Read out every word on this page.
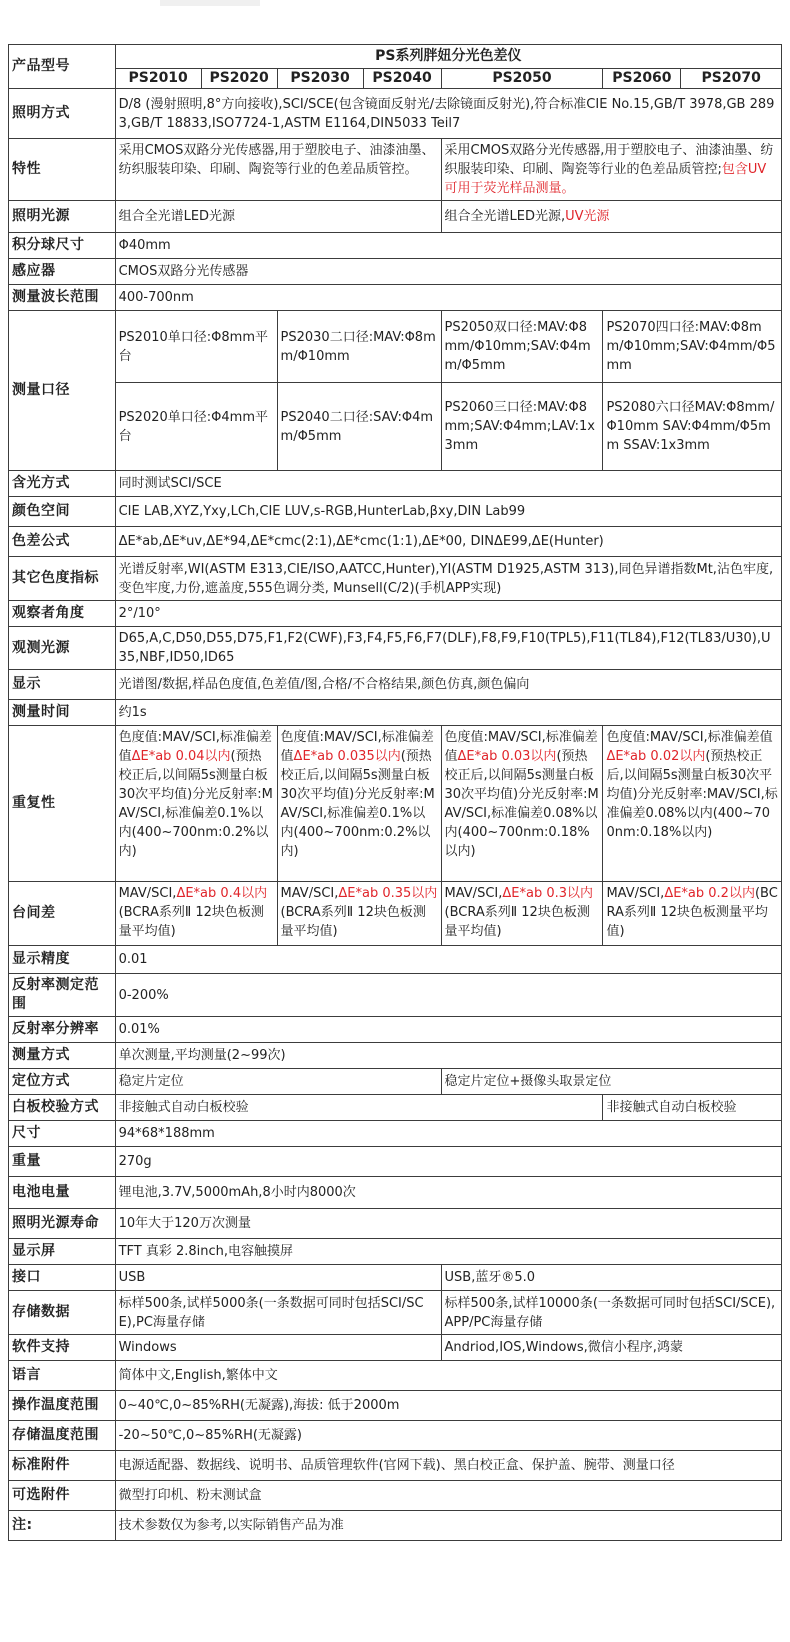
产品型号	PS系列胖妞分光色差仪						
	PS2010	PS2020	PS2030	PS2040	PS2050	PS2060	PS2070
照明方式	D/8 (漫射照明,8°方向接收),SCI/SCE(包含镜面反射光/去除镜面反射光),符合标准CIE No.15,GB/T 3978,GB 2893,GB/T 18833,ISO7724-1,ASTM E1164,DIN5033 Teil7						
特性	采用CMOS双路分光传感器,用于塑胶电子、油漆油墨、纺织服装印染、印刷、陶瓷等行业的色差品质管控。				采用CMOS双路分光传感器,用于塑胶电子、油漆油墨、纺织服装印染、印刷、陶瓷等行业的色差品质管控;包含UV可用于荧光样品测量。		
照明光源	组合全光谱LED光源				组合全光谱LED光源,UV光源		
积分球尺寸	Φ40mm						
感应器	CMOS双路分光传感器						
测量波长范围	400-700nm						
测量口径	PS2010单口径:Φ8mm平台		PS2030二口径:MAV:Φ8mm/Φ10mm		PS2050双口径:MAV:Φ8mm/Φ10mm;SAV:Φ4mm/Φ5mm	PS2070四口径:MAV:Φ8mm/Φ10mm;SAV:Φ4mm/Φ5mm	
	PS2020单口径:Φ4mm平台		PS2040二口径:SAV:Φ4mm/Φ5mm		PS2060三口径:MAV:Φ8mm;SAV:Φ4mm;LAV:1x3mm	PS2080六口径MAV:Φ8mm/Φ10mm SAV:Φ4mm/Φ5mm SSAV:1x3mm	
含光方式	同时测试SCI/SCE						
颜色空间	CIE LAB,XYZ,Yxy,LCh,CIE LUV,s-RGB,HunterLab,βxy,DIN Lab99						
色差公式	ΔE*ab,ΔE*uv,ΔE*94,ΔE*cmc(2:1),ΔE*cmc(1:1),ΔE*00, DINΔE99,ΔE(Hunter)						
其它色度指标	光谱反射率,WI(ASTM E313,CIE/ISO,AATCC,Hunter),YI(ASTM D1925,ASTM 313),同色异谱指数Mt,沾色牢度,变色牢度,力份,遮盖度,555色调分类, Munsell(C/2)(手机APP实现)						
观察者角度	2°/10°						
观测光源	D65,A,C,D50,D55,D75,F1,F2(CWF),F3,F4,F5,F6,F7(DLF),F8,F9,F10(TPL5),F11(TL84),F12(TL83/U30),U35,NBF,ID50,ID65						
显示	光谱图/数据,样品色度值,色差值/图,合格/不合格结果,颜色仿真,颜色偏向						
测量时间	约1s						
重复性	色度值:MAV/SCI,标准偏差值ΔE*ab 0.04以内(预热校正后,以间隔5s测量白板30次平均值)分光反射率:MAV/SCI,标准偏差0.1%以内(400~700nm:0.2%以内)		色度值:MAV/SCI,标准偏差值ΔE*ab 0.035以内(预热校正后,以间隔5s测量白板30次平均值)分光反射率:MAV/SCI,标准偏差0.1%以内(400~700nm:0.2%以内)		色度值:MAV/SCI,标准偏差值ΔE*ab 0.03以内(预热校正后,以间隔5s测量白板30次平均值)分光反射率:MAV/SCI,标准偏差0.08%以内(400~700nm:0.18%以内)	色度值:MAV/SCI,标准偏差值ΔE*ab 0.02以内(预热校正后,以间隔5s测量白板30次平均值)分光反射率:MAV/SCI,标准偏差0.08%以内(400~700nm:0.18%以内)	
台间差	MAV/SCI,ΔE*ab 0.4以内(BCRA系列Ⅱ 12块色板测量平均值)		MAV/SCI,ΔE*ab 0.35以内(BCRA系列Ⅱ 12块色板测量平均值)		MAV/SCI,ΔE*ab 0.3以内(BCRA系列Ⅱ 12块色板测量平均值)	MAV/SCI,ΔE*ab 0.2以内(BCRA系列Ⅱ 12块色板测量平均值)	
显示精度	0.01						
反射率测定范围	0-200%						
反射率分辨率	0.01%						
测量方式	单次测量,平均测量(2~99次)						
定位方式	稳定片定位				稳定片定位+摄像头取景定位		
白板校验方式	非接触式自动白板校验					非接触式自动白板校验	
尺寸	94*68*188mm						
重量	270g						
电池电量	锂电池,3.7V,5000mAh,8小时内8000次						
照明光源寿命	10年大于120万次测量						
显示屏	TFT 真彩 2.8inch,电容触摸屏						
接口	USB				USB,蓝牙®5.0		
存储数据	标样500条,试样5000条(一条数据可同时包括SCI/SCE),PC海量存储				标样500条,试样10000条(一条数据可同时包括SCI/SCE),APP/PC海量存储		
软件支持	Windows				Andriod,IOS,Windows,微信小程序,鸿蒙		
语言	简体中文,English,繁体中文						
操作温度范围	0~40℃,0~85%RH(无凝露),海拔: 低于2000m						
存储温度范围	-20~50℃,0~85%RH(无凝露)						
标准附件	电源适配器、数据线、说明书、品质管理软件(官网下载)、黑白校正盒、保护盖、腕带、测量口径						
可选附件	微型打印机、粉末测试盒						
注:	技术参数仅为参考,以实际销售产品为准						
